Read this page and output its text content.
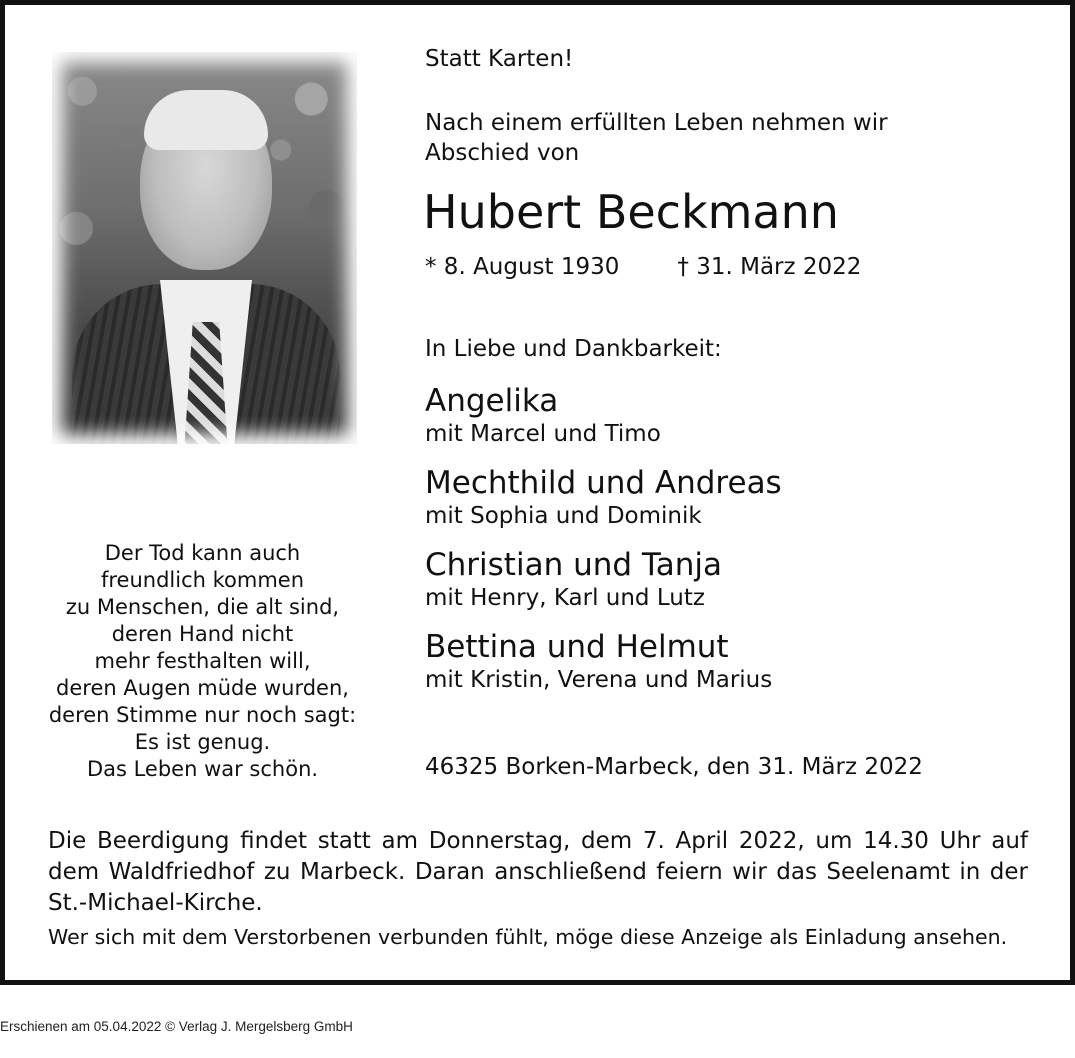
Der Tod kann auch
freundlich kommen
zu Menschen, die alt sind,
deren Hand nicht
mehr festhalten will,
deren Augen müde wurden,
deren Stimme nur noch sagt:
Es ist genug.
Das Leben war schön.
Statt Karten!
Nach einem erfüllten Leben nehmen wir
Abschied von
Hubert Beckmann
* 8. August 1930	† 31. März 2022
In Liebe und Dankbarkeit:
Angelika
mit Marcel und Timo
Mechthild und Andreas
mit Sophia und Dominik
Christian und Tanja
mit Henry, Karl und Lutz
Bettina und Helmut
mit Kristin, Verena und Marius
46325 Borken-Marbeck, den 31. März 2022
Die Beerdigung findet statt am Donnerstag, dem 7. April 2022, um 14.30 Uhr auf
dem Waldfriedhof zu Marbeck. Daran anschließend feiern wir das Seelenamt in der
St.-Michael-Kirche.
Wer sich mit dem Verstorbenen verbunden fühlt, möge diese Anzeige als Einladung ansehen.
Erschienen am 05.04.2022 © Verlag J. Mergelsberg GmbH
